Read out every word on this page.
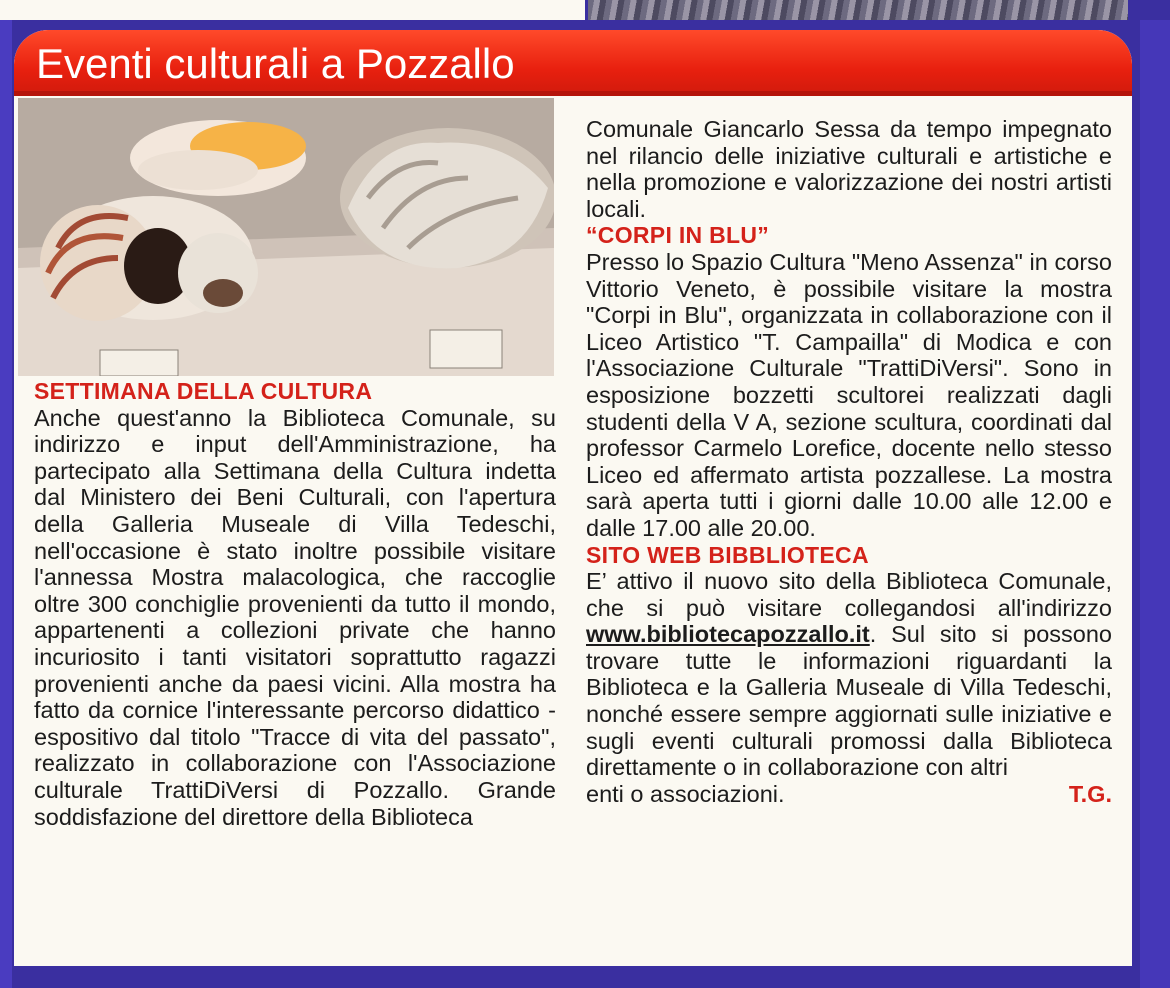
Eventi culturali a Pozzallo
SETTIMANA DELLA CULTURA

Anche quest'anno la Biblioteca Comunale, su indirizzo e input dell'Amministrazione, ha partecipato alla Settimana della Cultura indetta dal Ministero dei Beni Culturali, con l'apertura della Galleria Museale di Villa Tedeschi, nell'occasione è stato inoltre possibile visitare l'annessa Mostra malacologica, che raccoglie oltre 300 conchiglie provenienti da tutto il mondo, appartenenti a collezioni private che hanno incuriosito i tanti visitatori soprattutto ragazzi provenienti anche da paesi vicini. Alla mostra ha fatto da cornice l'interessante percorso didattico - espositivo dal titolo "Tracce di vita del passato", realizzato in collaborazione con l'Associazione culturale TrattiDiVersi di Pozzallo. Grande soddisfazione del direttore della Biblioteca

Comunale Giancarlo Sessa da tempo impegnato nel rilancio delle iniziative culturali e artistiche e nella promozione e valorizzazione dei nostri artisti locali.

“CORPI IN BLU”

Presso lo Spazio Cultura "Meno Assenza" in corso Vittorio Veneto, è possibile visitare la mostra "Corpi in Blu", organizzata in collaborazione con il Liceo Artistico "T. Campailla" di Modica e con l'Associazione Culturale "TrattiDiVersi". Sono in esposizione bozzetti scultorei realizzati dagli studenti della V A, sezione scultura, coordinati dal professor Carmelo Lorefice, docente nello stesso Liceo ed affermato artista pozzallese. La mostra sarà aperta tutti i giorni dalle 10.00 alle 12.00 e dalle 17.00 alle 20.00.

SITO WEB BIBBLIOTECA

E’ attivo il nuovo sito della Biblioteca Comunale, che si può visitare collegandosi all'indirizzo www.bibliotecapozzallo.it. Sul sito si possono trovare tutte le informazioni riguardanti la Biblioteca e la Galleria Museale di Villa Tedeschi, nonché essere sempre aggiornati sulle iniziative e sugli eventi culturali promossi dalla Biblioteca direttamente o in collaborazione con altri

enti o associazioni.	T.G.
